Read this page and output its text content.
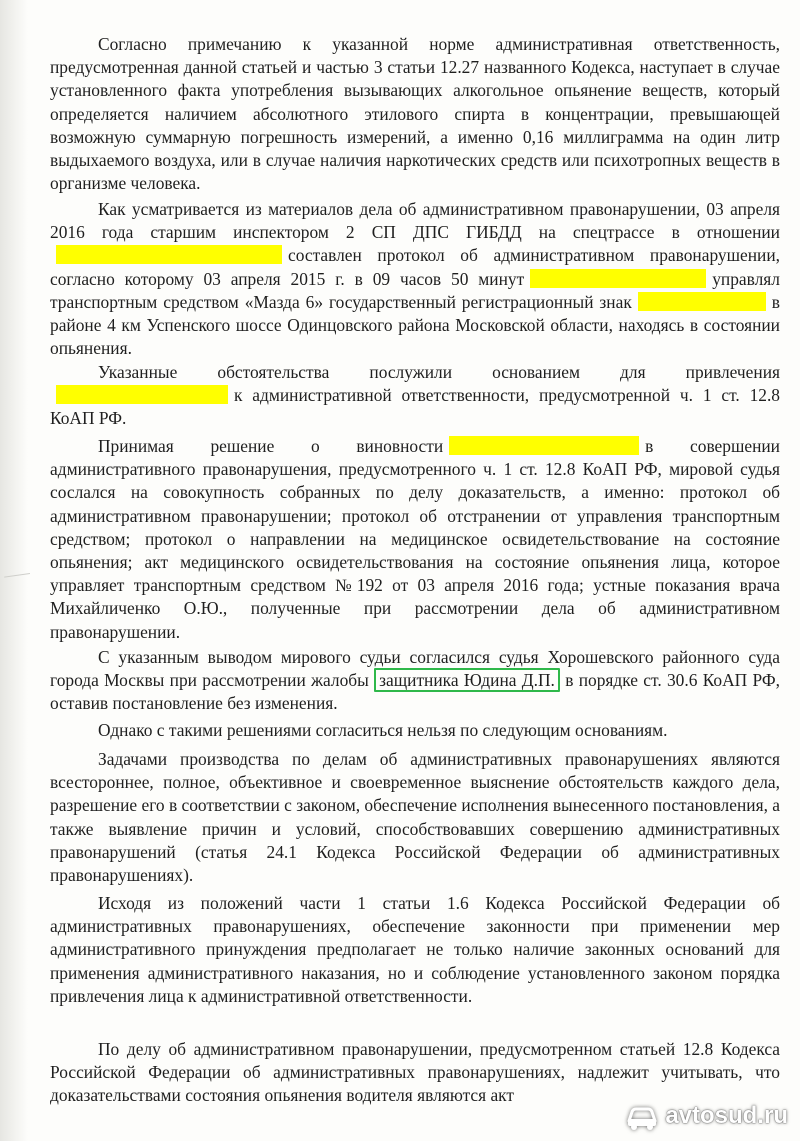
Согласно примечанию к указанной норме административная ответственность, предусмотренная данной статьей и частью 3 статьи 12.27 названного Кодекса, наступает в случае установленного факта употребления вызывающих алкогольное опьянение веществ, который определяется наличием абсолютного этилового спирта в концентрации, превышающей возможную суммарную погрешность измерений, а именно 0,16 миллиграмма на один литр выдыхаемого воздуха, или в случае наличия наркотических средств или психотропных веществ в организме человека.

Как усматривается из материалов дела об административном правонарушении, 03 апреля 2016 года старшим инспектором 2 СП ДПС ГИБДД на спецтрассе в отношениисоставлен протокол об административном правонарушении, согласно которому 03 апреля 2015 г. в 09 часов 50 минут	управлял транспортным средством «Мазда 6» государственный регистрационный знак	в районе 4 км Успенского шоссе Одинцовского района Московской области, находясь в состоянии опьянения.

Указанные обстоятельства послужили основанием для привлеченияк административной ответственности, предусмотренной ч. 1 ст. 12.8 КоАП РФ.

Принимая решение о виновности	в совершении административного правонарушения, предусмотренного ч. 1 ст. 12.8 КоАП РФ, мировой судья сослался на совокупность собранных по делу доказательств, а именно: протокол об административном правонарушении; протокол об отстранении от управления транспортным средством; протокол о направлении на медицинское освидетельствование на состояние опьянения; акт медицинского освидетельствования на состояние опьянения лица, которое управляет транспортным средством №192 от 03 апреля 2016 года; устные показания врача Михайличенко О.Ю., полученные при рассмотрении дела об административном правонарушении.

С указанным выводом мирового судьи согласился судья Хорошевского районного суда города Москвы при рассмотрении жалобы защитника Юдина Д.П. в порядке ст. 30.6 КоАП РФ, оставив постановление без изменения.

Однако с такими решениями согласиться нельзя по следующим основаниям.

Задачами производства по делам об административных правонарушениях являются всестороннее, полное, объективное и своевременное выяснение обстоятельств каждого дела, разрешение его в соответствии с законом, обеспечение исполнения вынесенного постановления, а также выявление причин и условий, способствовавших совершению административных правонарушений (статья 24.1 Кодекса Российской Федерации об административных правонарушениях).

Исходя из положений части 1 статьи 1.6 Кодекса Российской Федерации об административных правонарушениях, обеспечение законности при применении мер административного принуждения предполагает не только наличие законных оснований для применения административного наказания, но и соблюдение установленного законом порядка привлечения лица к административной ответственности.

По делу об административном правонарушении, предусмотренном статьей 12.8 Кодекса Российской Федерации об административных правонарушениях, надлежит учитывать, что доказательствами состояния опьянения водителя являются акт

avtosud.ru
